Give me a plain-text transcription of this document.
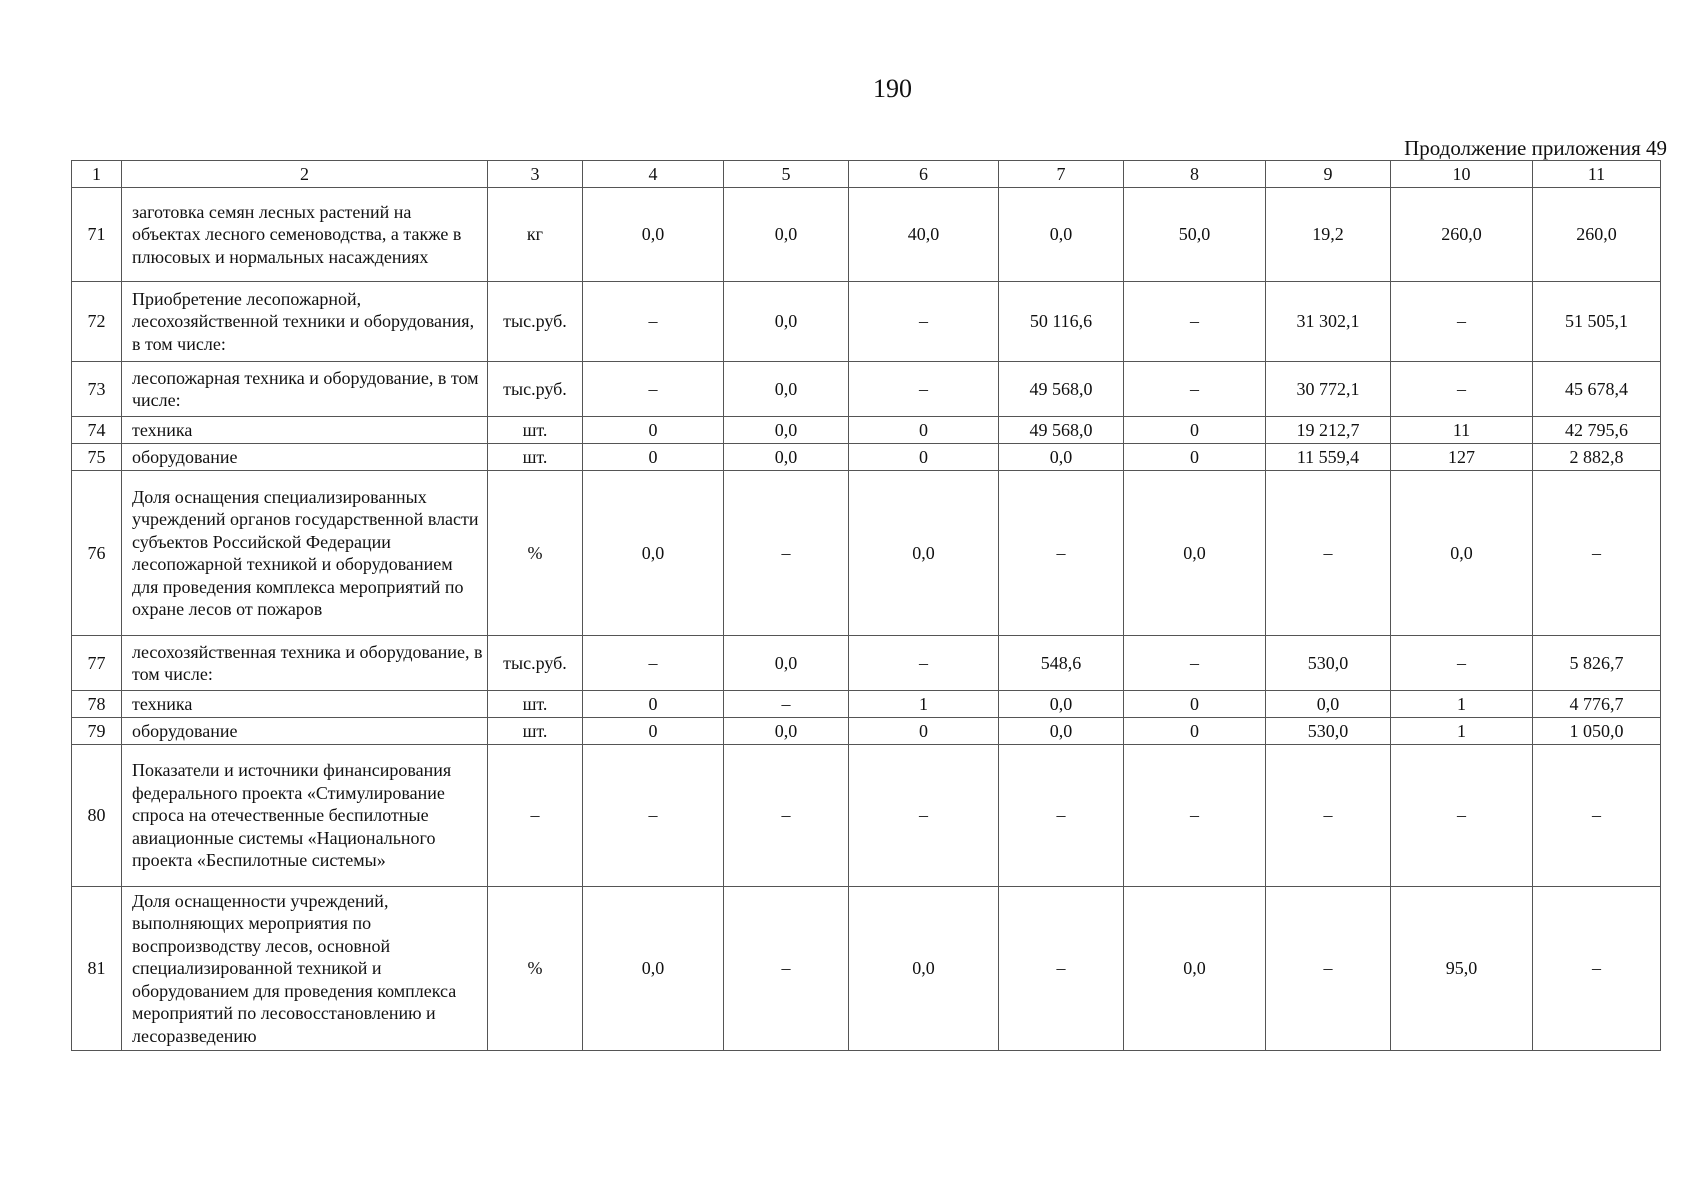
190
Продолжение приложения 49
1	2	3	4	5	6	7	8	9	10	11
71	заготовка семян лесных растений на объектах лесного семеноводства, а также в плюсовых и нормальных насаждениях	кг	0,0	0,0	40,0	0,0	50,0	19,2	260,0	260,0
72	Приобретение лесопожарной, лесохозяйственной техники и оборудования, в том числе:	тыс.руб.	–	0,0	–	50 116,6	–	31 302,1	–	51 505,1
73	лесопожарная техника и оборудование, в том числе:	тыс.руб.	–	0,0	–	49 568,0	–	30 772,1	–	45 678,4
74	техника	шт.	0	0,0	0	49 568,0	0	19 212,7	11	42 795,6
75	оборудование	шт.	0	0,0	0	0,0	0	11 559,4	127	2 882,8
76	Доля оснащения специализированных учреждений органов государственной власти субъектов Российской Федерации лесопожарной техникой и оборудованием для проведения комплекса мероприятий по охране лесов от пожаров	%	0,0	–	0,0	–	0,0	–	0,0	–
77	лесохозяйственная техника и оборудование, в том числе:	тыс.руб.	–	0,0	–	548,6	–	530,0	–	5 826,7
78	техника	шт.	0	–	1	0,0	0	0,0	1	4 776,7
79	оборудование	шт.	0	0,0	0	0,0	0	530,0	1	1 050,0
80	Показатели и источники финансирования федерального проекта «Стимулирование спроса на отечественные беспилотные авиационные системы «Национального проекта «Беспилотные системы»	–	–	–	–	–	–	–	–	–
81	Доля оснащенности учреждений, выполняющих мероприятия по воспроизводству лесов, основной специализированной техникой и оборудованием для проведения комплекса мероприятий по лесовосстановлению и лесоразведению	%	0,0	–	0,0	–	0,0	–	95,0	–
